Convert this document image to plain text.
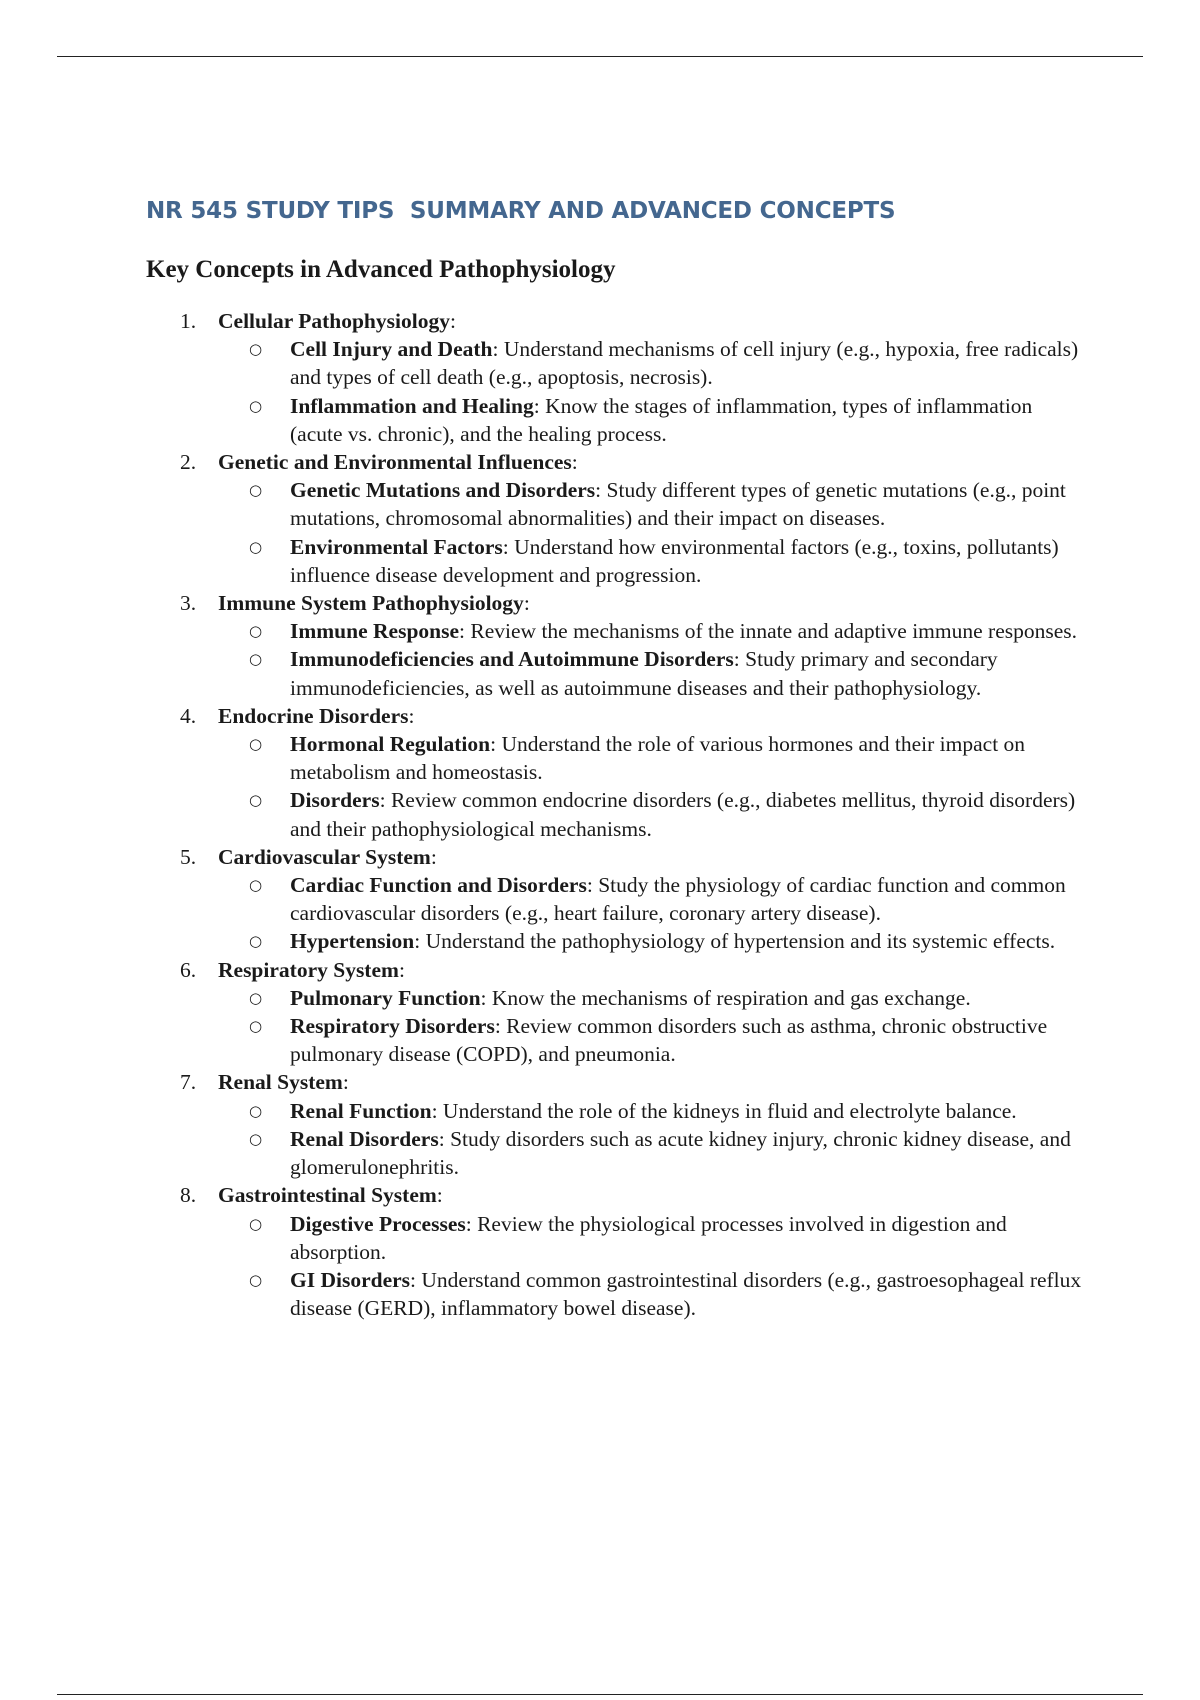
NR 545 STUDY TIPS  SUMMARY AND ADVANCED CONCEPTS
Key Concepts in Advanced Pathophysiology
1. Cellular Pathophysiology:
○ Cell Injury and Death: Understand mechanisms of cell injury (e.g., hypoxia, free radicals) and types of cell death (e.g., apoptosis, necrosis).
○ Inflammation and Healing: Know the stages of inflammation, types of inflammation (acute vs. chronic), and the healing process.
2. Genetic and Environmental Influences:
○ Genetic Mutations and Disorders: Study different types of genetic mutations (e.g., point mutations, chromosomal abnormalities) and their impact on diseases.
○ Environmental Factors: Understand how environmental factors (e.g., toxins, pollutants) influence disease development and progression.
3. Immune System Pathophysiology:
○ Immune Response: Review the mechanisms of the innate and adaptive immune responses.
○ Immunodeficiencies and Autoimmune Disorders: Study primary and secondary immunodeficiencies, as well as autoimmune diseases and their pathophysiology.
4. Endocrine Disorders:
○ Hormonal Regulation: Understand the role of various hormones and their impact on metabolism and homeostasis.
○ Disorders: Review common endocrine disorders (e.g., diabetes mellitus, thyroid disorders) and their pathophysiological mechanisms.
5. Cardiovascular System:
○ Cardiac Function and Disorders: Study the physiology of cardiac function and common cardiovascular disorders (e.g., heart failure, coronary artery disease).
○ Hypertension: Understand the pathophysiology of hypertension and its systemic effects.
6. Respiratory System:
○ Pulmonary Function: Know the mechanisms of respiration and gas exchange.
○ Respiratory Disorders: Review common disorders such as asthma, chronic obstructive pulmonary disease (COPD), and pneumonia.
7. Renal System:
○ Renal Function: Understand the role of the kidneys in fluid and electrolyte balance.
○ Renal Disorders: Study disorders such as acute kidney injury, chronic kidney disease, and glomerulonephritis.
8. Gastrointestinal System:
○ Digestive Processes: Review the physiological processes involved in digestion and absorption.
○ GI Disorders: Understand common gastrointestinal disorders (e.g., gastroesophageal reflux disease (GERD), inflammatory bowel disease).
